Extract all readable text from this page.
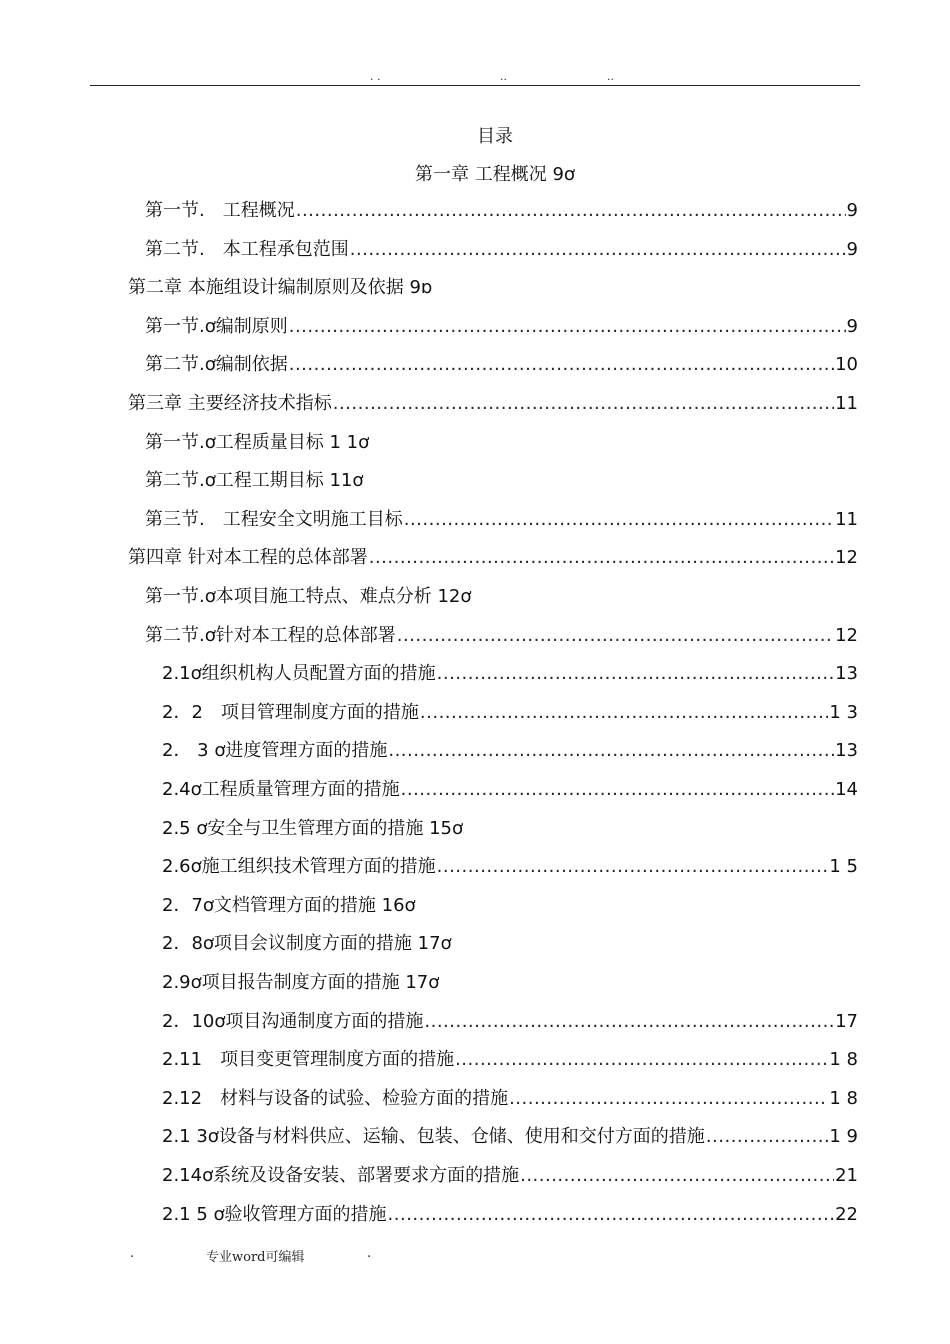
. .	..	..
目录
第一章 工程概况 9ơ
第一节.　工程概况 .....	9
第二节.　本工程承包范围 .....	9
第二章 本施组设计编制原则及依据 9ɒ
第一节.ơ编制原则 .....	9
第二节.ơ编制依据 .....	10
第三章 主要经济技术指标 .....	11
第一节.ơ工程质量目标 1 1ơ
第二节.ơ工程工期目标 11ơ
第三节.　工程安全文明施工目标 .....	11
第四章 针对本工程的总体部署 .....	12
第一节.ơ本项目施工特点、难点分析 12ơ
第二节.ơ针对本工程的总体部署 .....	12
2.1ơ组织机构人员配置方面的措施 .....	13
2．2　项目管理制度方面的措施 .....	1 3
2． 3 ơ进度管理方面的措施 .....	13
2.4ơ工程质量管理方面的措施 .....	14
2.5 ơ安全与卫生管理方面的措施 15ơ
2.6ơ施工组织技术管理方面的措施 .....	1 5
2．7ơ文档管理方面的措施 16ơ
2．8ơ项目会议制度方面的措施 17ơ
2.9ơ项目报告制度方面的措施 17ơ
2．10ơ项目沟通制度方面的措施 .....	17
2.11　项目变更管理制度方面的措施 .....	1 8
2.12　材料与设备的试验、检验方面的措施 .....	1 8
2.1 3ơ设备与材料供应、运输、包装、仓储、使用和交付方面的措施 .....	1 9
2.14ơ系统及设备安装、部署要求方面的措施 .....	21
2.1 5 ơ验收管理方面的措施 .....	22
.	专业word可编辑	.
